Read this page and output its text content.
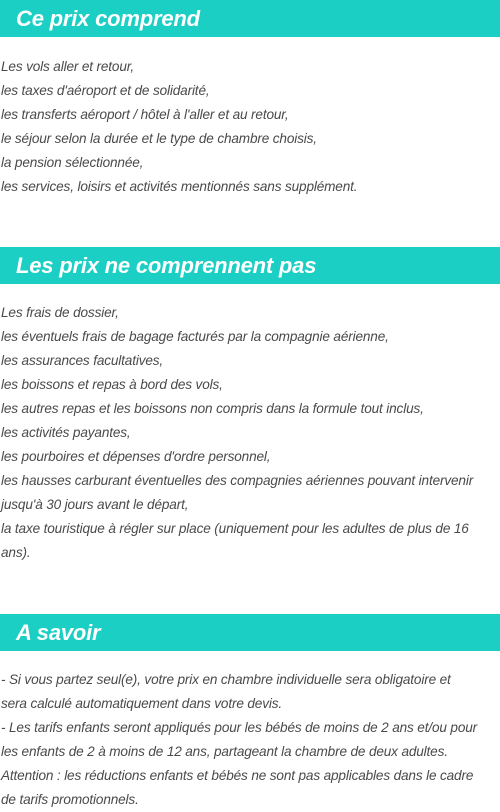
Ce prix comprend

Les vols aller et retour,
les taxes d'aéroport et de solidarité,
les transferts aéroport / hôtel à l'aller et au retour,
le séjour selon la durée et le type de chambre choisis,
la pension sélectionnée,
les services, loisirs et activités mentionnés sans supplément.

Les prix ne comprennent pas

Les frais de dossier,
les éventuels frais de bagage facturés par la compagnie aérienne,
les assurances facultatives,
les boissons et repas à bord des vols,
les autres repas et les boissons non compris dans la formule tout inclus,
les activités payantes,
les pourboires et dépenses d'ordre personnel,
les hausses carburant éventuelles des compagnies aériennes pouvant intervenir
jusqu'à 30 jours avant le départ,
la taxe touristique à régler sur place (uniquement pour les adultes de plus de 16
ans).

A savoir

- Si vous partez seul(e), votre prix en chambre individuelle sera obligatoire et
sera calculé automatiquement dans votre devis.
- Les tarifs enfants seront appliqués pour les bébés de moins de 2 ans et/ou pour
les enfants de 2 à moins de 12 ans, partageant la chambre de deux adultes.
Attention : les réductions enfants et bébés ne sont pas applicables dans le cadre
de tarifs promotionnels.
